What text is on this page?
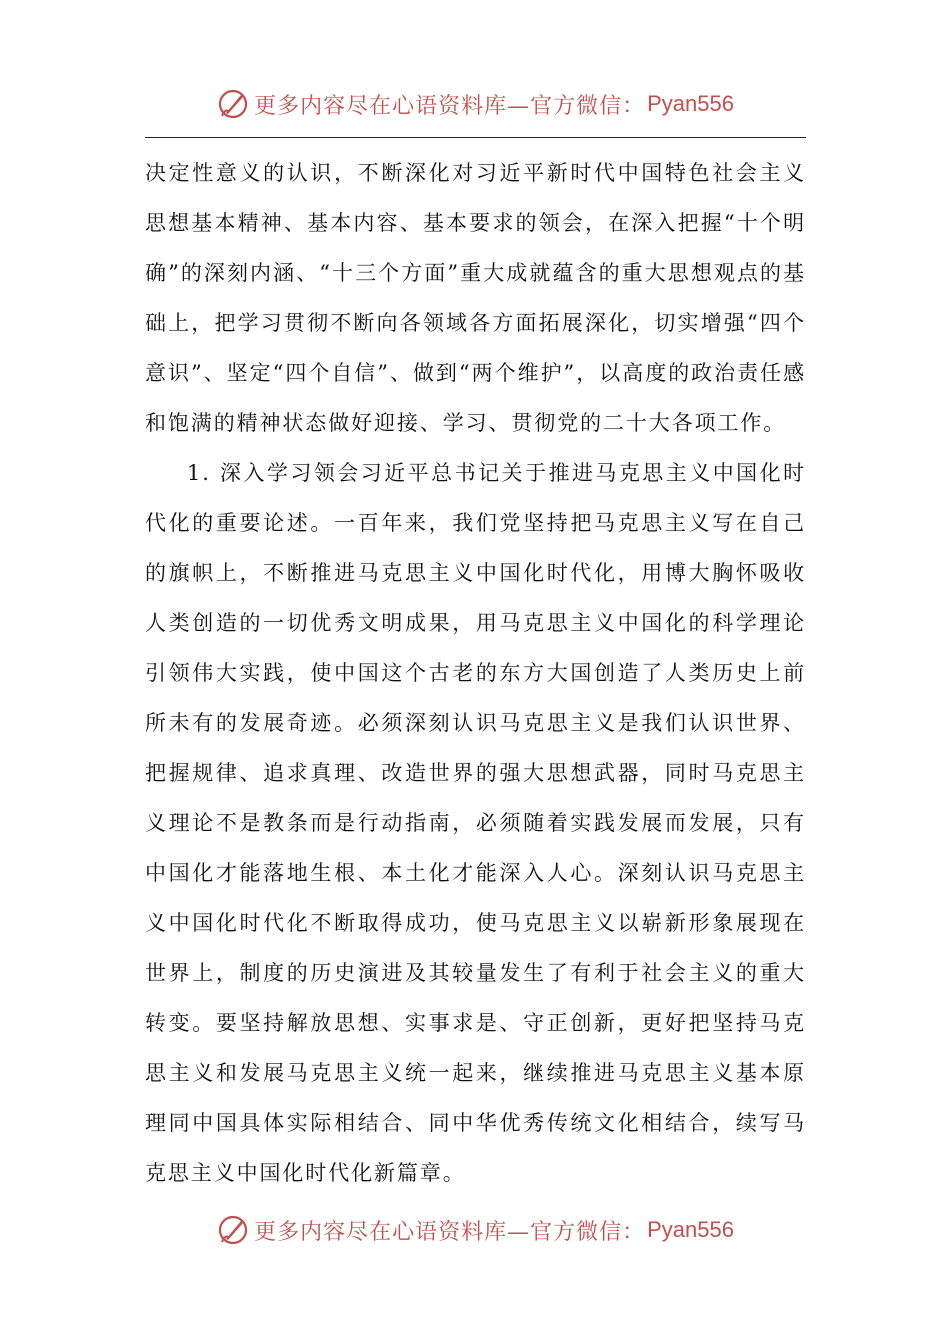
更多内容尽在心语资料库—官方微信： Pyan556

决定性意义的认识，不断深化对习近平新时代中国特色社会主义思想基本精神、基本内容、基本要求的领会，在深入把握“十个明确”的深刻内涵、“十三个方面”重大成就蕴含的重大思想观点的基础上，把学习贯彻不断向各领域各方面拓展深化，切实增强“四个意识”、坚定“四个自信”、做到“两个维护”，以高度的政治责任感和饱满的精神状态做好迎接、学习、贯彻党的二十大各项工作。

1. 深入学习领会习近平总书记关于推进马克思主义中国化时代化的重要论述。一百年来，我们党坚持把马克思主义写在自己的旗帜上，不断推进马克思主义中国化时代化，用博大胸怀吸收人类创造的一切优秀文明成果，用马克思主义中国化的科学理论引领伟大实践，使中国这个古老的东方大国创造了人类历史上前所未有的发展奇迹。必须深刻认识马克思主义是我们认识世界、把握规律、追求真理、改造世界的强大思想武器，同时马克思主义理论不是教条而是行动指南，必须随着实践发展而发展，只有中国化才能落地生根、本土化才能深入人心。深刻认识马克思主义中国化时代化不断取得成功，使马克思主义以崭新形象展现在世界上，制度的历史演进及其较量发生了有利于社会主义的重大转变。要坚持解放思想、实事求是、守正创新，更好把坚持马克思主义和发展马克思主义统一起来，继续推进马克思主义基本原理同中国具体实际相结合、同中华优秀传统文化相结合，续写马克思主义中国化时代化新篇章。

更多内容尽在心语资料库—官方微信： Pyan556
